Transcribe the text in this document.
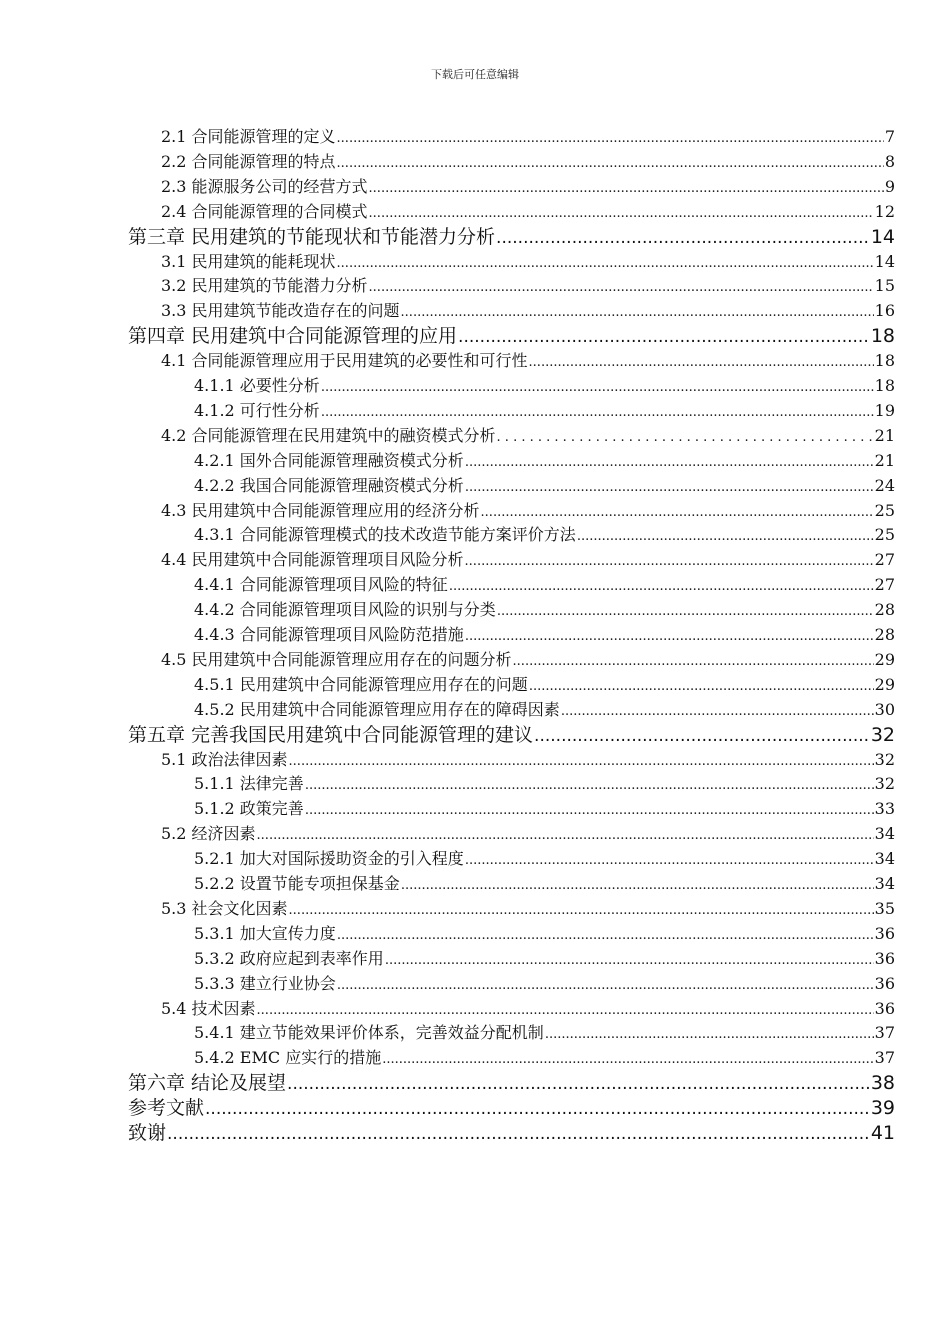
下载后可任意编辑
2.1 合同能源管理的定义 .....	7
2.2 合同能源管理的特点 .....	8
2.3 能源服务公司的经营方式 .....	9
2.4 合同能源管理的合同模式 .....	12
第三章 民用建筑的节能现状和节能潜力分析 .....	14
3.1 民用建筑的能耗现状 .....	14
3.2 民用建筑的节能潜力分析 .....	15
3.3 民用建筑节能改造存在的问题 .....	16
第四章 民用建筑中合同能源管理的应用 .....	18
4.1 合同能源管理应用于民用建筑的必要性和可行性 .....	18
4.1.1 必要性分析 .....	18
4.1.2 可行性分析 .....	19
4.2 合同能源管理在民用建筑中的融资模式分析 . . .	21
4.2.1 国外合同能源管理融资模式分析 .....	21
4.2.2 我国合同能源管理融资模式分析 .....	24
4.3 民用建筑中合同能源管理应用的经济分析 .....	25
4.3.1 合同能源管理模式的技术改造节能方案评价方法 .....	25
4.4 民用建筑中合同能源管理项目风险分析 .....	27
4.4.1 合同能源管理项目风险的特征 .....	27
4.4.2 合同能源管理项目风险的识别与分类 .....	28
4.4.3 合同能源管理项目风险防范措施 .....	28
4.5 民用建筑中合同能源管理应用存在的问题分析 .....	29
4.5.1 民用建筑中合同能源管理应用存在的问题 .....	29
4.5.2 民用建筑中合同能源管理应用存在的障碍因素 .....	30
第五章 完善我国民用建筑中合同能源管理的建议 .....	32
5.1 政治法律因素 .....	32
5.1.1 法律完善 .....	32
5.1.2 政策完善 .....	33
5.2 经济因素 .....	34
5.2.1 加大对国际援助资金的引入程度 .....	34
5.2.2 设置节能专项担保基金 .....	34
5.3 社会文化因素 .....	35
5.3.1 加大宣传力度 .....	36
5.3.2 政府应起到表率作用 .....	36
5.3.3 建立行业协会 .....	36
5.4 技术因素 .....	36
5.4.1 建立节能效果评价体系，完善效益分配机制 .....	37
5.4.2 EMC 应实行的措施 .....	37
第六章 结论及展望 .....	38
参考文献 .....	39
致谢 .....	41
